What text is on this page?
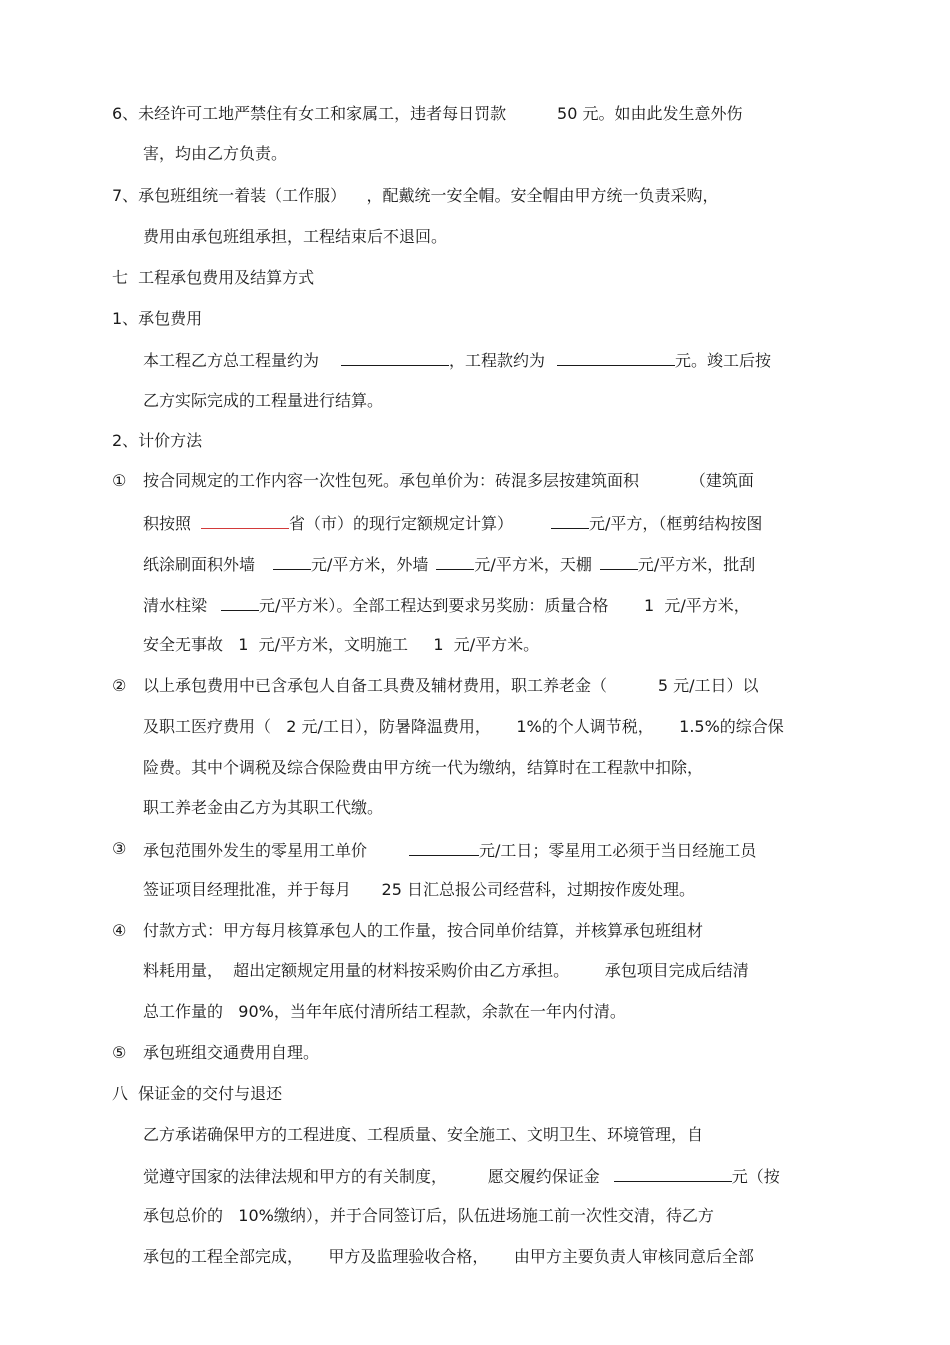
6、未经许可工地严禁住有女工和家属工，违者每日罚款          50 元。如由此发生意外伤
害，均由乙方负责。
7、承包班组统一着装（工作服）    ，配戴统一安全帽。安全帽由甲方统一负责采购，
费用由承包班组承担，工程结束后不退回。
七  工程承包费用及结算方式
1、承包费用
本工程乙方总工程量约为	，工程款约为	元。竣工后按
乙方实际完成的工程量进行结算。
2、计价方法
① 按合同规定的工作内容一次性包死。承包单价为：砖混多层按建筑面积          （建筑面
积按照	省（市）的现行定额规定计算）	元/平方，（框剪结构按图
纸涂刷面积外墙	元/平方米，外墙	元/平方米，天棚	元/平方米，批刮
清水柱梁	元/平方米）。全部工程达到要求另奖励：质量合格       1  元/平方米，
安全无事故   1  元/平方米，文明施工     1  元/平方米。
② 以上承包费用中已含承包人自备工具费及辅材费用，职工养老金（          5 元/工日）以
及职工医疗费用（   2 元/工日），防暑降温费用，     1%的个人调节税，     1.5%的综合保
险费。其中个调税及综合保险费由甲方统一代为缴纳，结算时在工程款中扣除，
职工养老金由乙方为其职工代缴。
③ 承包范围外发生的零星用工单价	元/工日；零星用工必须于当日经施工员
签证项目经理批准，并于每月      25 日汇总报公司经营科，过期按作废处理。
④ 付款方式：甲方每月核算承包人的工作量，按合同单价结算，并核算承包班组材
料耗用量，  超出定额规定用量的材料按采购价由乙方承担。       承包项目完成后结清
总工作量的   90%，当年年底付清所结工程款，余款在一年内付清。
⑤ 承包班组交通费用自理。
八  保证金的交付与退还
乙方承诺确保甲方的工程进度、工程质量、安全施工、文明卫生、环境管理，自
觉遵守国家的法律法规和甲方的有关制度，        愿交履约保证金	元（按
承包总价的   10%缴纳），并于合同签订后，队伍进场施工前一次性交清，待乙方
承包的工程全部完成，     甲方及监理验收合格，     由甲方主要负责人审核同意后全部
